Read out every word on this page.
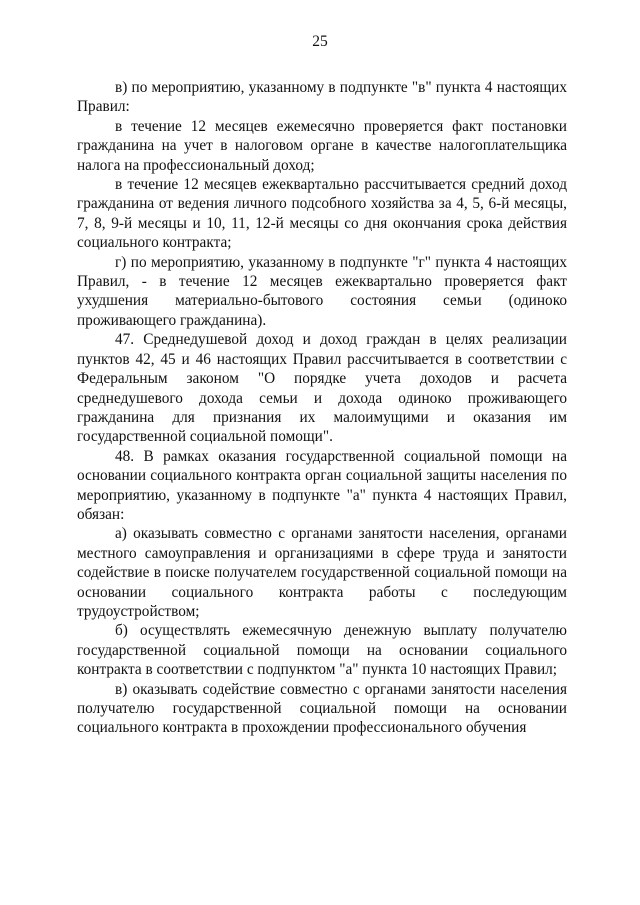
25

в) по мероприятию, указанному в подпункте "в" пункта 4 настоящих Правил:

в течение 12 месяцев ежемесячно проверяется факт постановки гражданина на учет в налоговом органе в качестве налогоплательщика налога на профессиональный доход;

в течение 12 месяцев ежеквартально рассчитывается средний доход гражданина от ведения личного подсобного хозяйства за 4, 5, 6-й месяцы, 7, 8, 9-й месяцы и 10, 11, 12-й месяцы со дня окончания срока действия социального контракта;

г) по мероприятию, указанному в подпункте "г" пункта 4 настоящих Правил, - в течение 12 месяцев ежеквартально проверяется факт ухудшения материально-бытового состояния семьи (одиноко проживающего гражданина).

47. Среднедушевой доход и доход граждан в целях реализации пунктов 42, 45 и 46 настоящих Правил рассчитывается в соответствии с Федеральным законом "О порядке учета доходов и расчета среднедушевого дохода семьи и дохода одиноко проживающего гражданина для признания их малоимущими и оказания им государственной социальной помощи".

48. В рамках оказания государственной социальной помощи на основании социального контракта орган социальной защиты населения по мероприятию, указанному в подпункте "а" пункта 4 настоящих Правил, обязан:

а) оказывать совместно с органами занятости населения, органами местного самоуправления и организациями в сфере труда и занятости содействие в поиске получателем государственной социальной помощи на основании социального контракта работы с последующим трудоустройством;

б) осуществлять ежемесячную денежную выплату получателю государственной социальной помощи на основании социального контракта в соответствии с подпунктом "а" пункта 10 настоящих Правил;

в) оказывать содействие совместно с органами занятости населения получателю государственной социальной помощи на основании социального контракта в прохождении профессионального обучения
